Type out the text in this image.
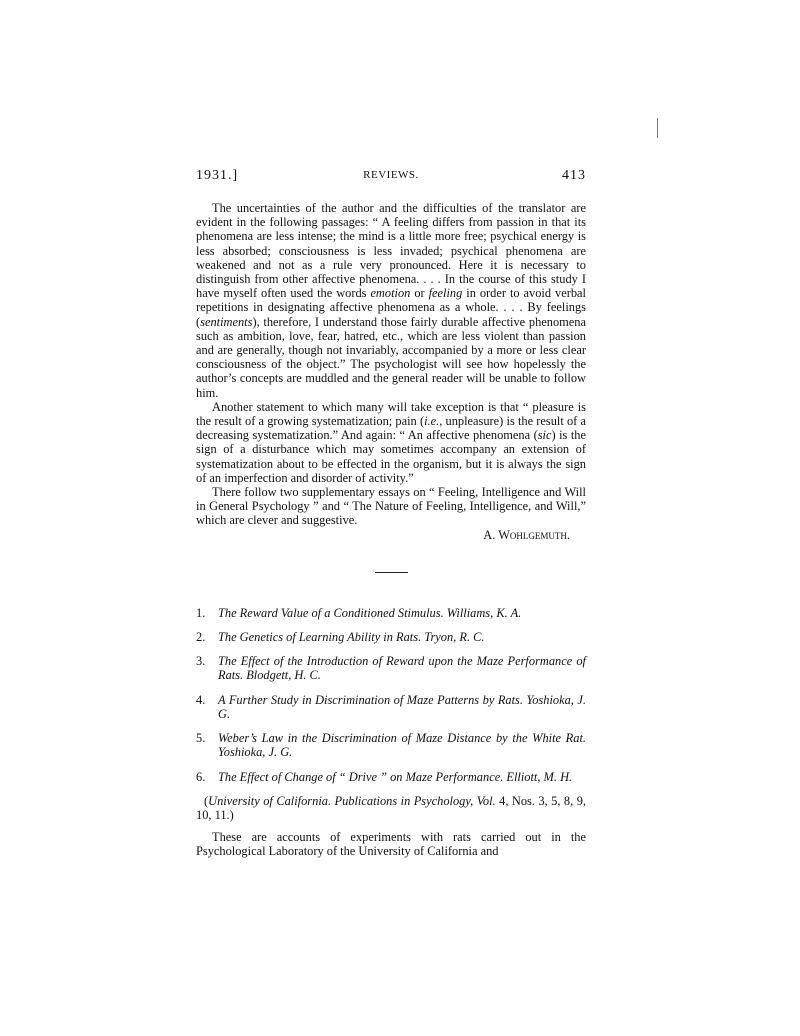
1931.]	REVIEWS.	413

The uncertainties of the author and the difficulties of the translator are evident in the following passages: “ A feeling differs from passion in that its phenomena are less intense; the mind is a little more free; psychical energy is less absorbed; consciousness is less invaded; psychical phenomena are weakened and not as a rule very pronounced. Here it is necessary to distinguish from other affective phenomena. . . . In the course of this study I have myself often used the words emotion or feeling in order to avoid verbal repetitions in designating affective phenomena as a whole. . . . By feelings (sentiments), therefore, I understand those fairly durable affective phenomena such as ambition, love, fear, hatred, etc., which are less violent than passion and are generally, though not invariably, accompanied by a more or less clear consciousness of the object.” The psychologist will see how hopelessly the author’s concepts are muddled and the general reader will be unable to follow him.

Another statement to which many will take exception is that “ pleasure is the result of a growing systematization; pain (i.e., unpleasure) is the result of a decreasing systematization.” And again: “ An affective phenomena (sic) is the sign of a disturbance which may sometimes accompany an extension of systematization about to be effected in the organism, but it is always the sign of an imperfection and disorder of activity.”

There follow two supplementary essays on “ Feeling, Intelligence and Will in General Psychology ” and “ The Nature of Feeling, Intelligence, and Will,” which are clever and suggestive.

A. Wohlgemuth.
1. The Reward Value of a Conditioned Stimulus. Williams, K. A.
2. The Genetics of Learning Ability in Rats. Tryon, R. C.
3. The Effect of the Introduction of Reward upon the Maze Performance of Rats. Blodgett, H. C.
4. A Further Study in Discrimination of Maze Patterns by Rats. Yoshioka, J. G.
5. Weber’s Law in the Discrimination of Maze Distance by the White Rat. Yoshioka, J. G.
6. The Effect of Change of “ Drive ” on Maze Performance. Elliott, M. H.

(University of California. Publications in Psychology, Vol. 4, Nos. 3, 5, 8, 9, 10, 11.)

These are accounts of experiments with rats carried out in the Psychological Laboratory of the University of California and
